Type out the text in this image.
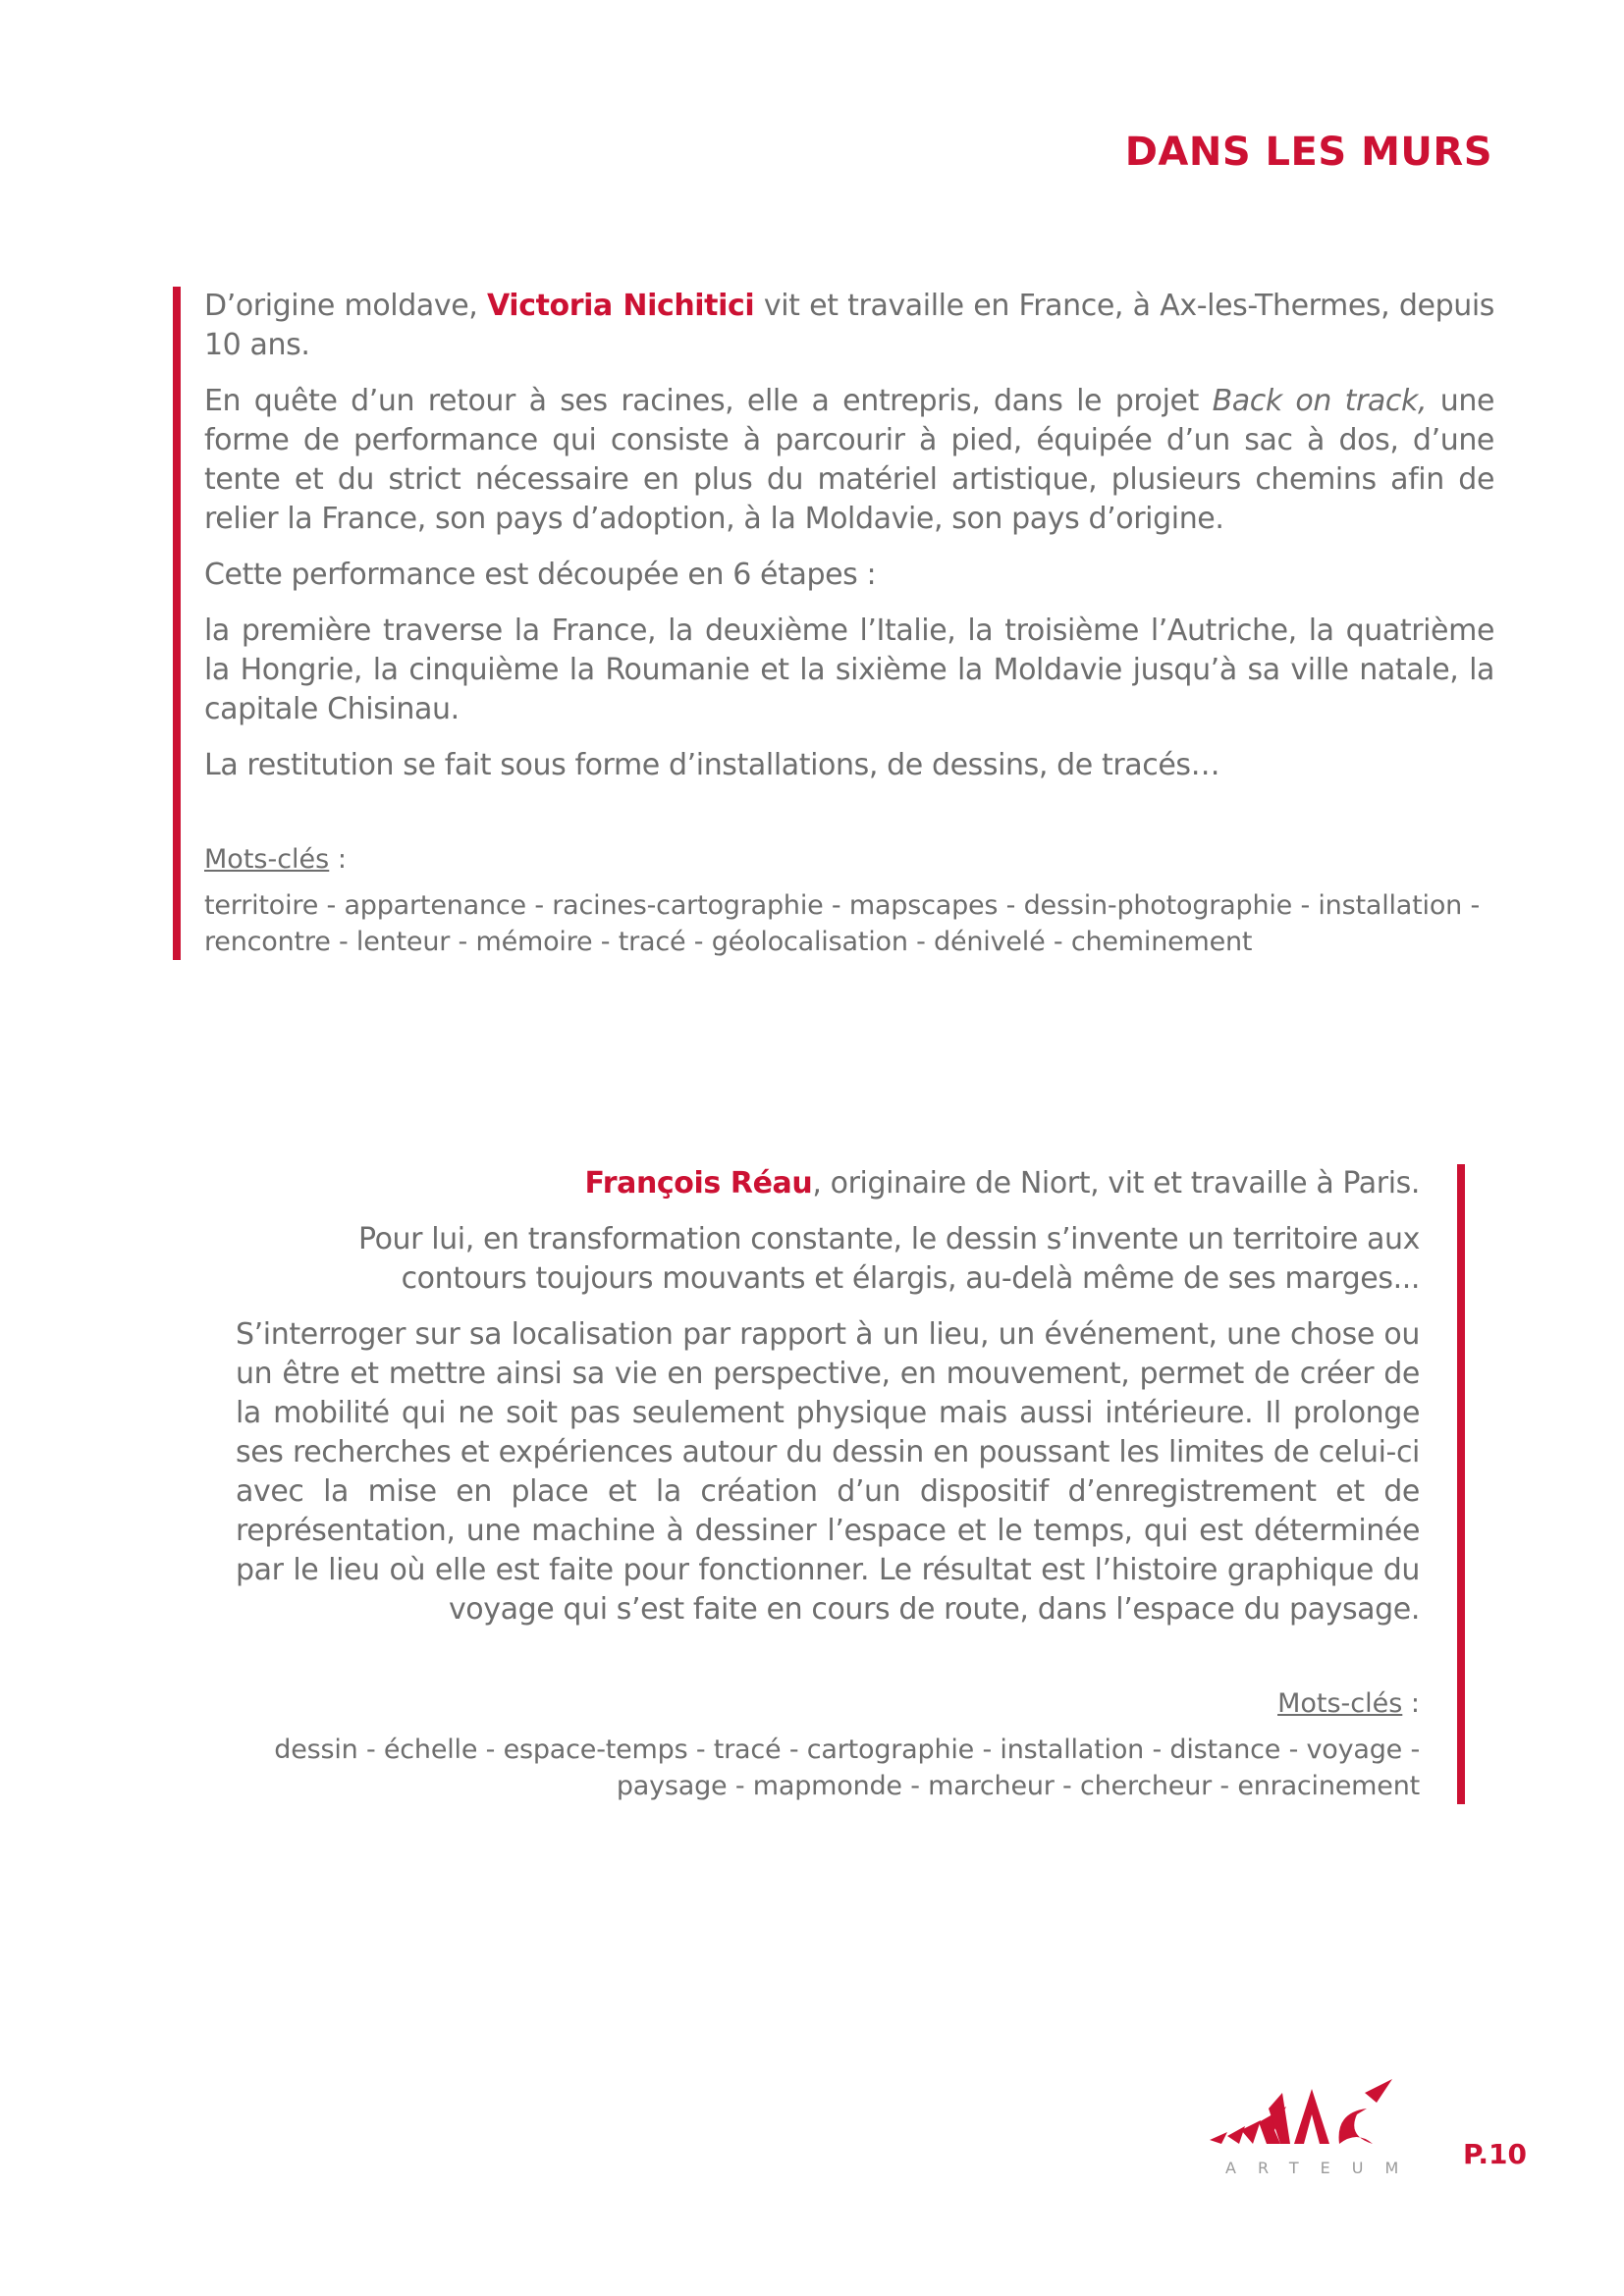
DANS LES MURS

D’origine moldave, Victoria Nichitici vit et travaille en France, à Ax-les-Thermes, depuis 10 ans.

En quête d’un retour à ses racines, elle a entrepris, dans le projet Back on track, une forme de performance qui consiste à parcourir à pied, équipée d’un sac à dos, d’une tente et du strict nécessaire en plus du matériel artistique, plusieurs chemins afin de relier la France, son pays d’adoption, à la Moldavie, son pays d’origine.

Cette performance est découpée en 6 étapes :

la première traverse la France, la deuxième l’Italie, la troisième l’Autriche, la quatrième la Hongrie, la cinquième la Roumanie et la sixième la Moldavie jusqu’à sa ville natale, la capitale Chisinau.

La restitution se fait sous forme d’installations, de dessins, de tracés…

Mots-clés :

territoire - appartenance - racines-cartographie - mapscapes - dessin-photographie - installation - rencontre - lenteur - mémoire - tracé - géolocalisation - dénivelé - cheminement

François Réau, originaire de Niort, vit et travaille à Paris.

Pour lui, en transformation constante, le dessin s’invente un territoire aux contours toujours mouvants et élargis, au-delà même de ses marges...

S’interroger sur sa localisation par rapport à un lieu, un événement, une chose ou un être et mettre ainsi sa vie en perspective, en mouvement, permet de créer de la mobilité qui ne soit pas seulement physique mais aussi intérieure. Il prolonge ses recherches et expériences autour du dessin en poussant les limites de celui-ci avec la mise en place et la création d’un dispositif d’enregistrement et de représentation, une machine à dessiner l’espace et le temps, qui est déterminée par le lieu où elle est faite pour fonctionner. Le résultat est l’histoire graphique du voyage qui s’est faite en cours de route, dans l’espace du paysage.

Mots-clés :

dessin - échelle - espace-temps - tracé - cartographie - installation - distance - voyage - paysage - mapmonde - marcheur - chercheur - enracinement

ARTEUM P.10
